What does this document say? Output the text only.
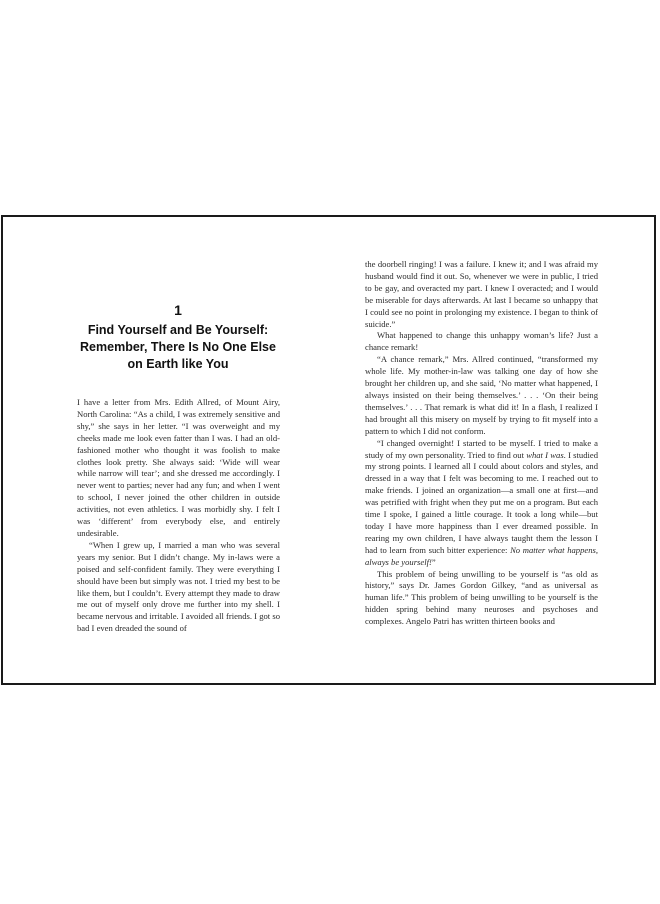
1
Find Yourself and Be Yourself: Remember, There Is No One Else on Earth like You

I have a letter from Mrs. Edith Allred, of Mount Airy, North Carolina: “As a child, I was extremely sensitive and shy,” she says in her letter. “I was overweight and my cheeks made me look even fatter than I was. I had an old-fashioned mother who thought it was foolish to make clothes look pretty. She always said: ‘Wide will wear while narrow will tear’; and she dressed me accordingly. I never went to parties; never had any fun; and when I went to school, I never joined the other children in outside activities, not even athletics. I was morbidly shy. I felt I was ‘different’ from everybody else, and entirely undesirable.

“When I grew up, I married a man who was several years my senior. But I didn’t change. My in-laws were a poised and self-confident family. They were everything I should have been but simply was not. I tried my best to be like them, but I couldn’t. Every attempt they made to draw me out of myself only drove me further into my shell. I became nervous and irritable. I avoided all friends. I got so bad I even dreaded the sound of

the doorbell ringing! I was a failure. I knew it; and I was afraid my husband would find it out. So, whenever we were in public, I tried to be gay, and overacted my part. I knew I overacted; and I would be miserable for days afterwards. At last I became so unhappy that I could see no point in prolonging my existence. I began to think of suicide.”

What happened to change this unhappy woman’s life? Just a chance remark!

“A chance remark,” Mrs. Allred continued, “transformed my whole life. My mother-in-law was talking one day of how she brought her children up, and she said, ‘No matter what happened, I always insisted on their being themselves.’ . . . ‘On their being themselves.’ . . . That remark is what did it! In a flash, I realized I had brought all this misery on myself by trying to fit myself into a pattern to which I did not conform.

“I changed overnight! I started to be myself. I tried to make a study of my own personality. Tried to find out what I was. I studied my strong points. I learned all I could about colors and styles, and dressed in a way that I felt was becoming to me. I reached out to make friends. I joined an organization—a small one at first—and was petrified with fright when they put me on a program. But each time I spoke, I gained a little courage. It took a long while—but today I have more happiness than I ever dreamed possible. In rearing my own children, I have always taught them the lesson I had to learn from such bitter experience: No matter what happens, always be yourself!”

This problem of being unwilling to be yourself is “as old as history,” says Dr. James Gordon Gilkey, “and as universal as human life.” This problem of being unwilling to be yourself is the hidden spring behind many neuroses and psychoses and complexes. Angelo Patri has written thirteen books and
